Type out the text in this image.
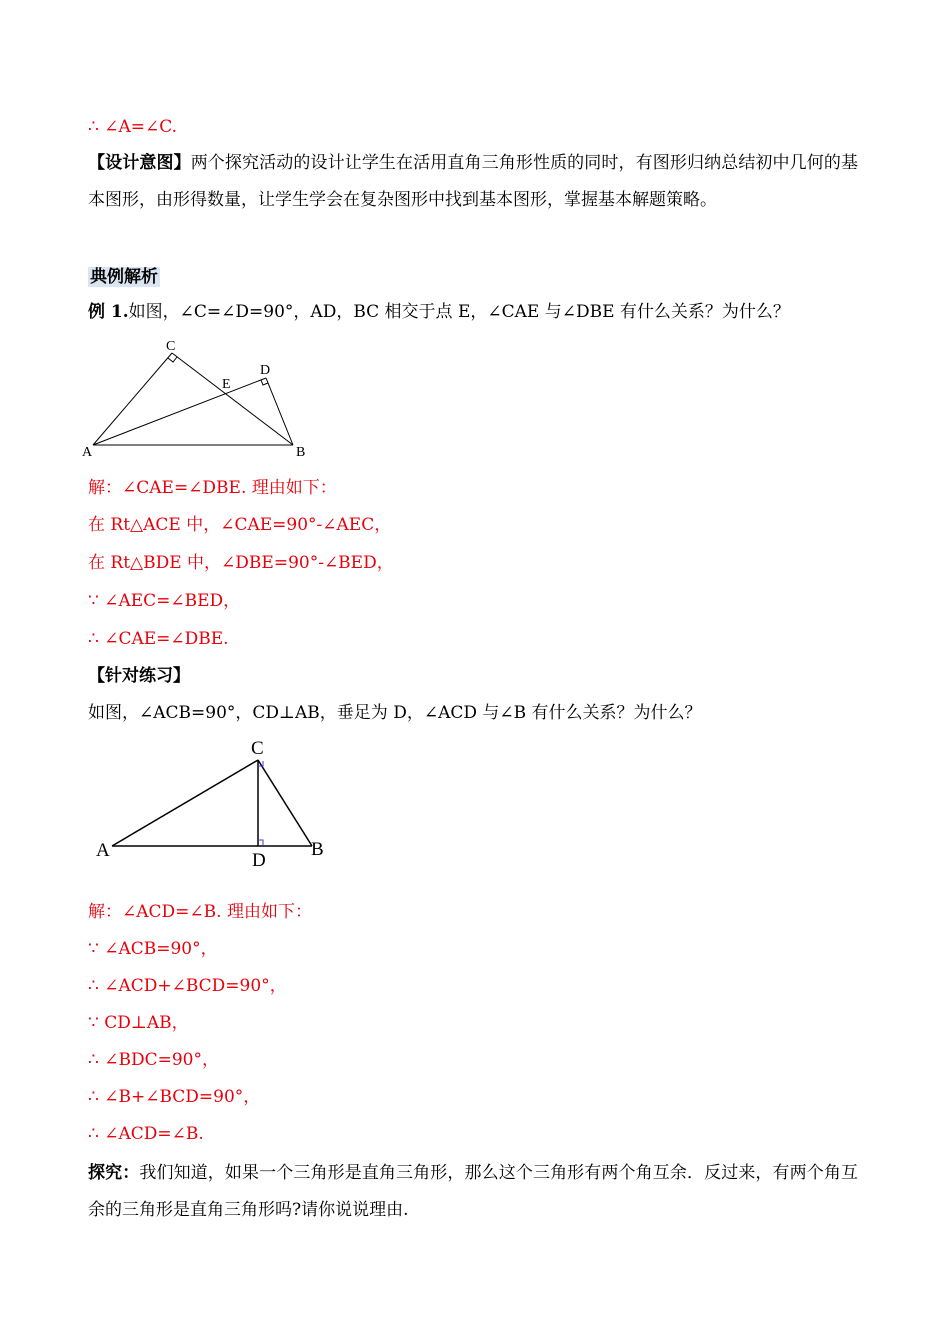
∴ ∠A=∠C.
【设计意图】两个探究活动的设计让学生在活用直角三角形性质的同时，有图形归纳总结初中几何的基本图形，由形得数量，让学生学会在复杂图形中找到基本图形，掌握基本解题策略。
典例解析
例 1.如图，∠C=∠D=90°，AD，BC 相交于点 E，∠CAE 与∠DBE 有什么关系？为什么？
C
D
E
A	B
解：∠CAE=∠DBE. 理由如下：
在 Rt△ACE 中，∠CAE=90°-∠AEC，
在 Rt△BDE 中，∠DBE=90°-∠BED，
∵ ∠AEC=∠BED，
∴ ∠CAE=∠DBE.
【针对练习】
如图，∠ACB=90°，CD⊥AB，垂足为 D，∠ACD 与∠B 有什么关系？为什么？
C
A	D
B
解：∠ACD=∠B. 理由如下：
∵ ∠ACB=90°，
∴ ∠ACD+∠BCD=90°，
∵ CD⊥AB，
∴ ∠BDC=90°，
∴ ∠B+∠BCD=90°，
∴ ∠ACD=∠B.
探究：我们知道，如果一个三角形是直角三角形，那么这个三角形有两个角互余．反过来，有两个角互余的三角形是直角三角形吗?请你说说理由.
